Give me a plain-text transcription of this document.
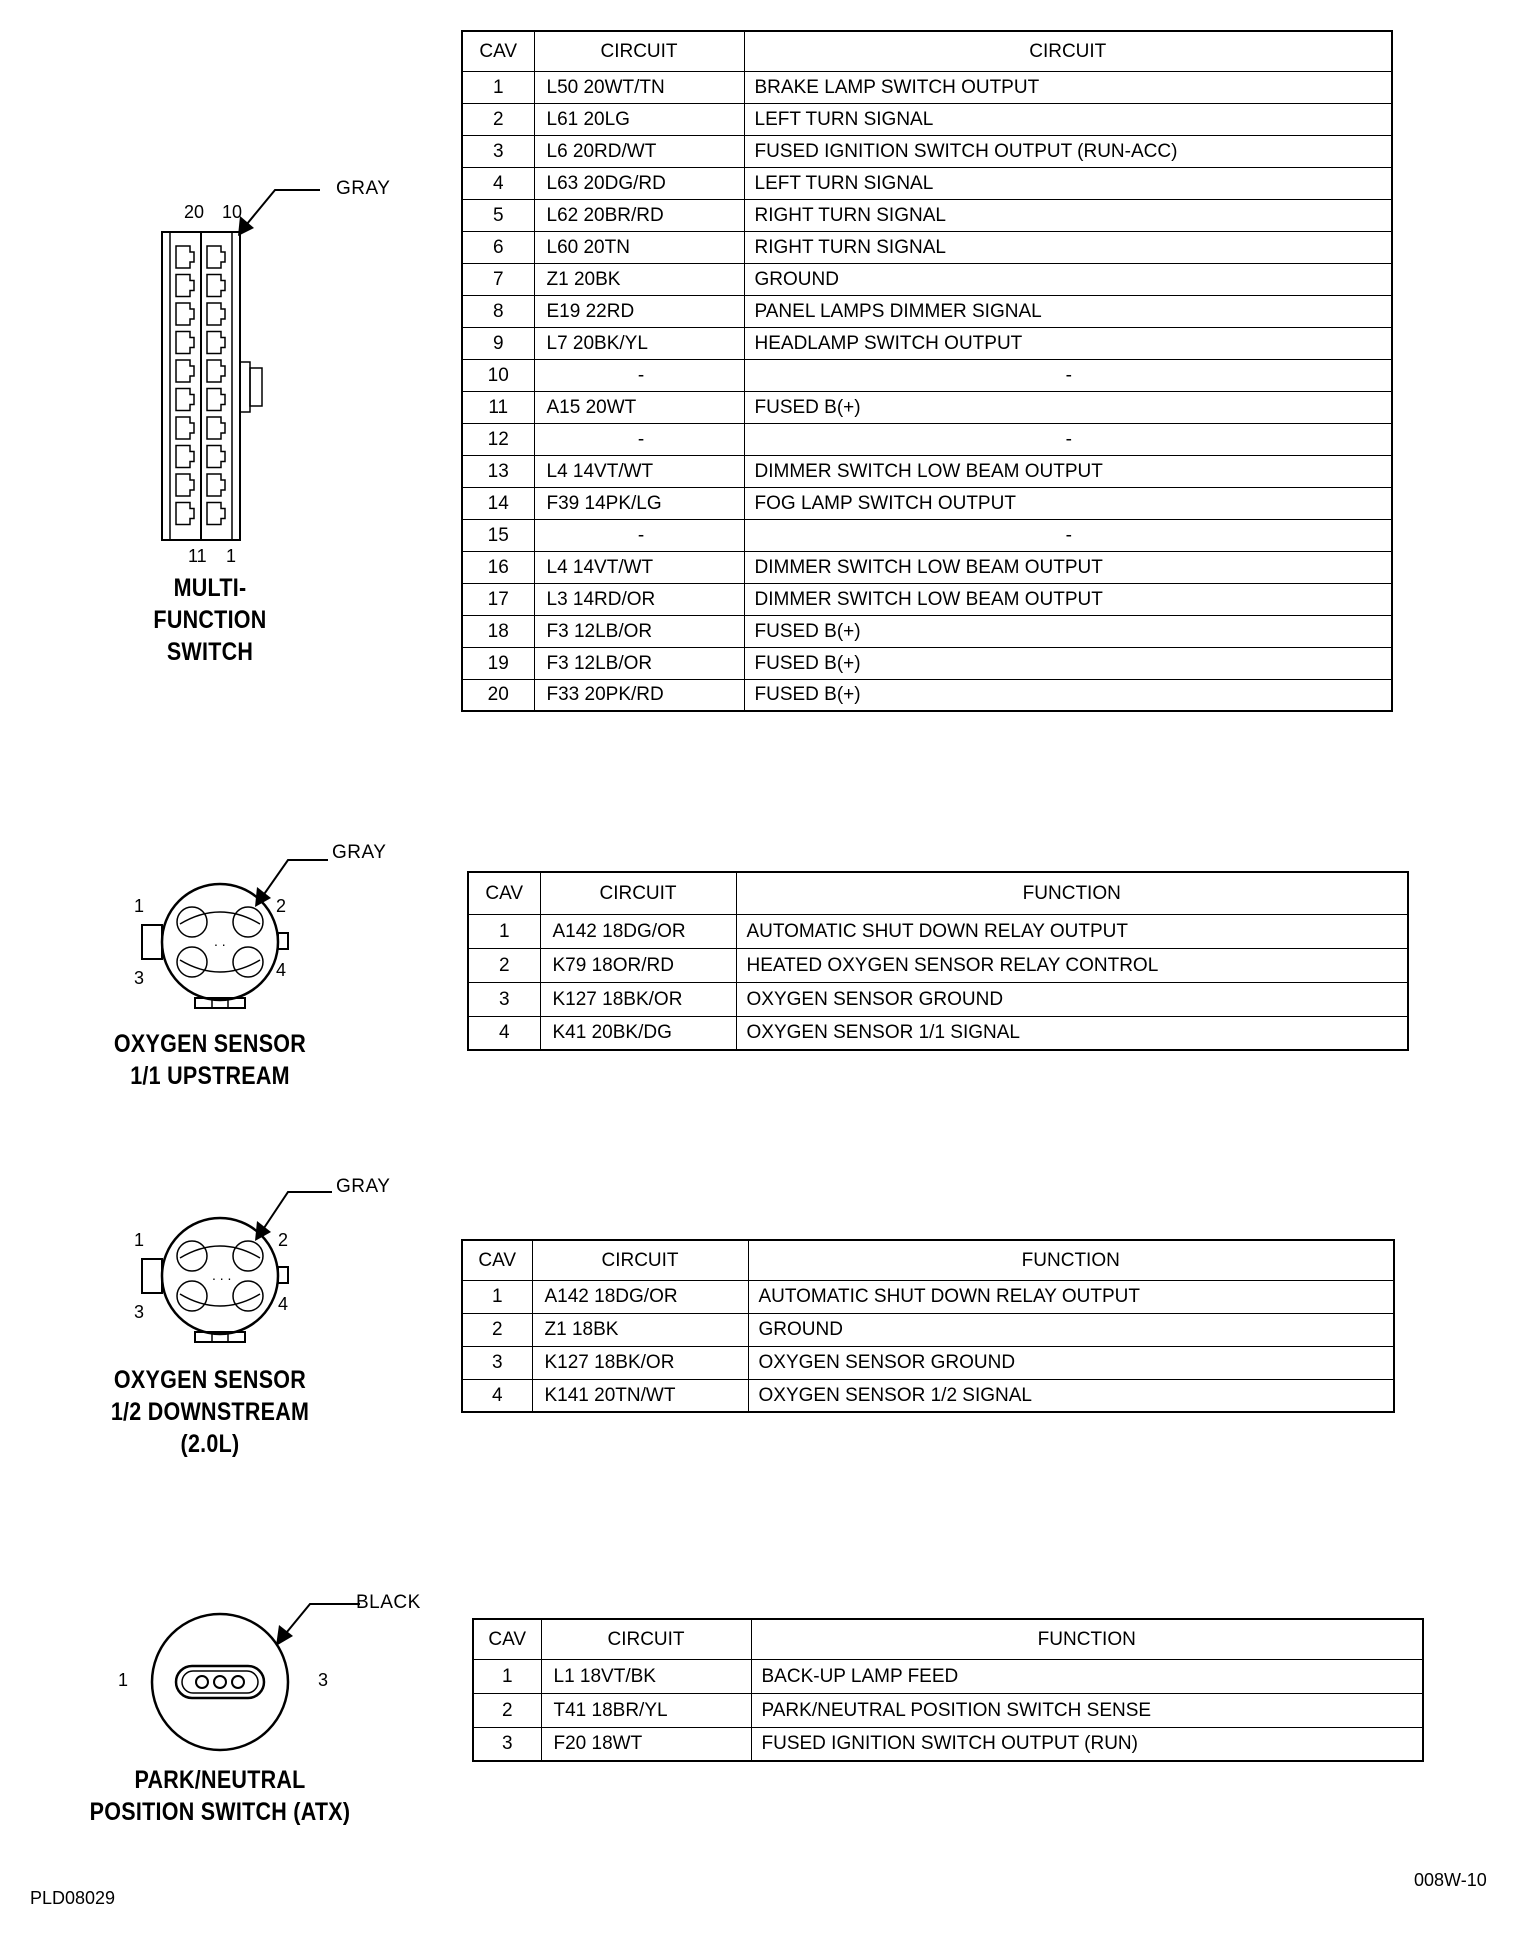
20 10
11 1
GRAY
MULTI-
FUNCTION
SWITCH
CAV	CIRCUIT	CIRCUIT
1	L50 20WT/TN	BRAKE LAMP SWITCH OUTPUT
2	L61 20LG	LEFT TURN SIGNAL
3	L6 20RD/WT	FUSED IGNITION SWITCH OUTPUT (RUN-ACC)
4	L63 20DG/RD	LEFT TURN SIGNAL
5	L62 20BR/RD	RIGHT TURN SIGNAL
6	L60 20TN	RIGHT TURN SIGNAL
7	Z1 20BK	GROUND
8	E19 22RD	PANEL LAMPS DIMMER SIGNAL
9	L7 20BK/YL	HEADLAMP SWITCH OUTPUT
10	-	-
11	A15 20WT	FUSED B(+)
12	-	-
13	L4 14VT/WT	DIMMER SWITCH LOW BEAM OUTPUT
14	F39 14PK/LG	FOG LAMP SWITCH OUTPUT
15	-	-
16	L4 14VT/WT	DIMMER SWITCH LOW BEAM OUTPUT
17	L3 14RD/OR	DIMMER SWITCH LOW BEAM OUTPUT
18	F3 12LB/OR	FUSED B(+)
19	F3 12LB/OR	FUSED B(+)
20	F33 20PK/RD	FUSED B(+)
. .
1	2
3	4
GRAY
OXYGEN SENSOR
1/1 UPSTREAM
CAV	CIRCUIT	FUNCTION
1	A142 18DG/OR	AUTOMATIC SHUT DOWN RELAY OUTPUT
2	K79 18OR/RD	HEATED OXYGEN SENSOR RELAY CONTROL
3	K127 18BK/OR	OXYGEN SENSOR GROUND
4	K41 20BK/DG	OXYGEN SENSOR 1/1 SIGNAL
. . .
1	2
3	4
GRAY
OXYGEN SENSOR
1/2 DOWNSTREAM
(2.0L)
CAV	CIRCUIT	FUNCTION
1	A142 18DG/OR	AUTOMATIC SHUT DOWN RELAY OUTPUT
2	Z1 18BK	GROUND
3	K127 18BK/OR	OXYGEN SENSOR GROUND
4	K141 20TN/WT	OXYGEN SENSOR 1/2 SIGNAL
1	3
BLACK
PARK/NEUTRAL
POSITION SWITCH (ATX)
CAV	CIRCUIT	FUNCTION
1	L1 18VT/BK	BACK-UP LAMP FEED
2	T41 18BR/YL	PARK/NEUTRAL POSITION SWITCH SENSE
3	F20 18WT	FUSED IGNITION SWITCH OUTPUT (RUN)
PLD08029
008W-10
